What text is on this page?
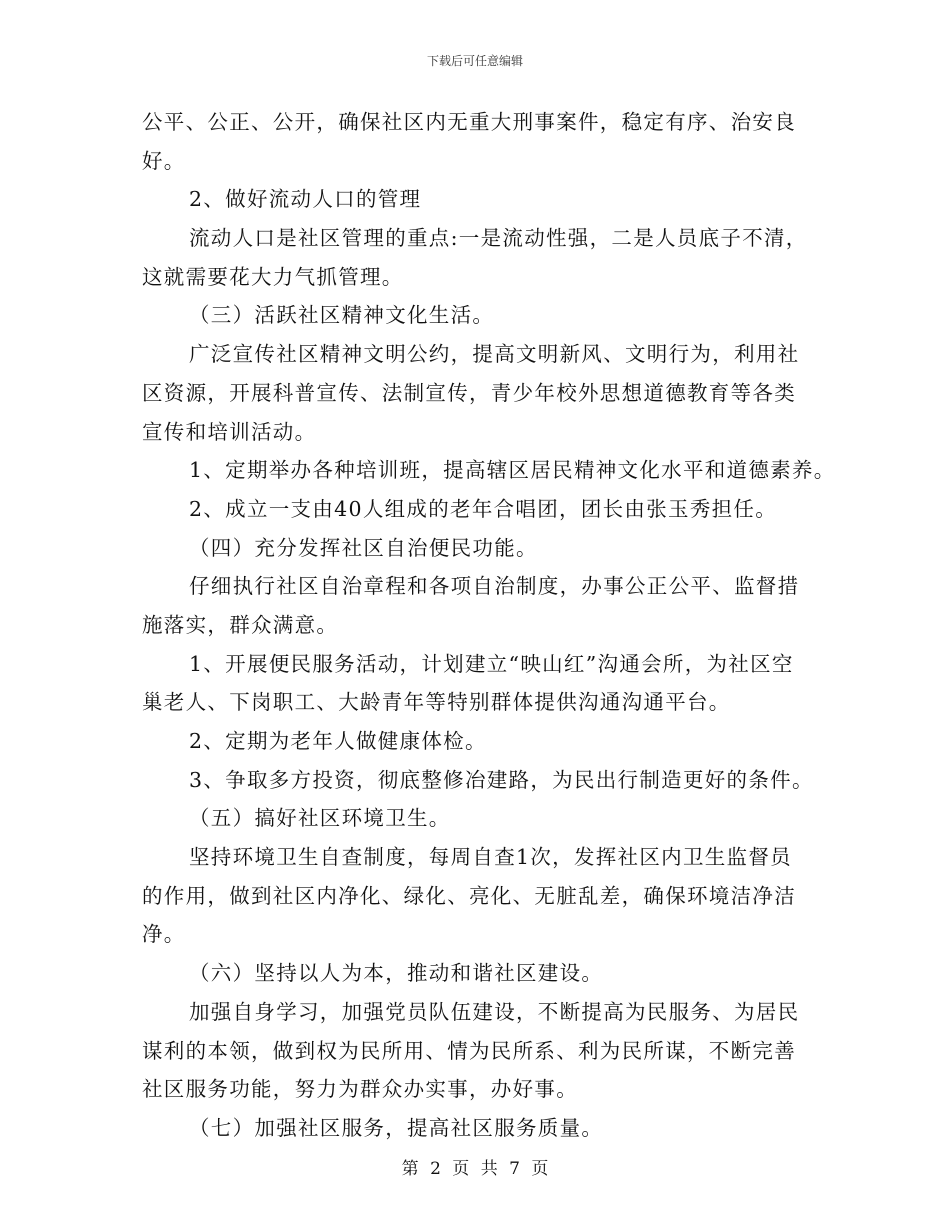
下载后可任意编辑
公平、公正、公开，确保社区内无重大刑事案件，稳定有序、治安良
好。
2、做好流动人口的管理
流动人口是社区管理的重点:一是流动性强，二是人员底子不清，
这就需要花大力气抓管理。
（三）活跃社区精神文化生活。
广泛宣传社区精神文明公约，提高文明新风、文明行为，利用社
区资源，开展科普宣传、法制宣传，青少年校外思想道德教育等各类
宣传和培训活动。
1、定期举办各种培训班，提高辖区居民精神文化水平和道德素养。
2、成立一支由40人组成的老年合唱团，团长由张玉秀担任。
（四）充分发挥社区自治便民功能。
仔细执行社区自治章程和各项自治制度，办事公正公平、监督措
施落实，群众满意。
1、开展便民服务活动，计划建立“映山红”沟通会所，为社区空
巢老人、下岗职工、大龄青年等特别群体提供沟通沟通平台。
2、定期为老年人做健康体检。
3、争取多方投资，彻底整修冶建路，为民出行制造更好的条件。
（五）搞好社区环境卫生。
坚持环境卫生自查制度，每周自查1次，发挥社区内卫生监督员
的作用，做到社区内净化、绿化、亮化、无脏乱差，确保环境洁净洁
净。
（六）坚持以人为本，推动和谐社区建设。
加强自身学习，加强党员队伍建设，不断提高为民服务、为居民
谋利的本领，做到权为民所用、情为民所系、利为民所谋，不断完善
社区服务功能，努力为群众办实事，办好事。
（七）加强社区服务，提高社区服务质量。
第 2 页 共 7 页
